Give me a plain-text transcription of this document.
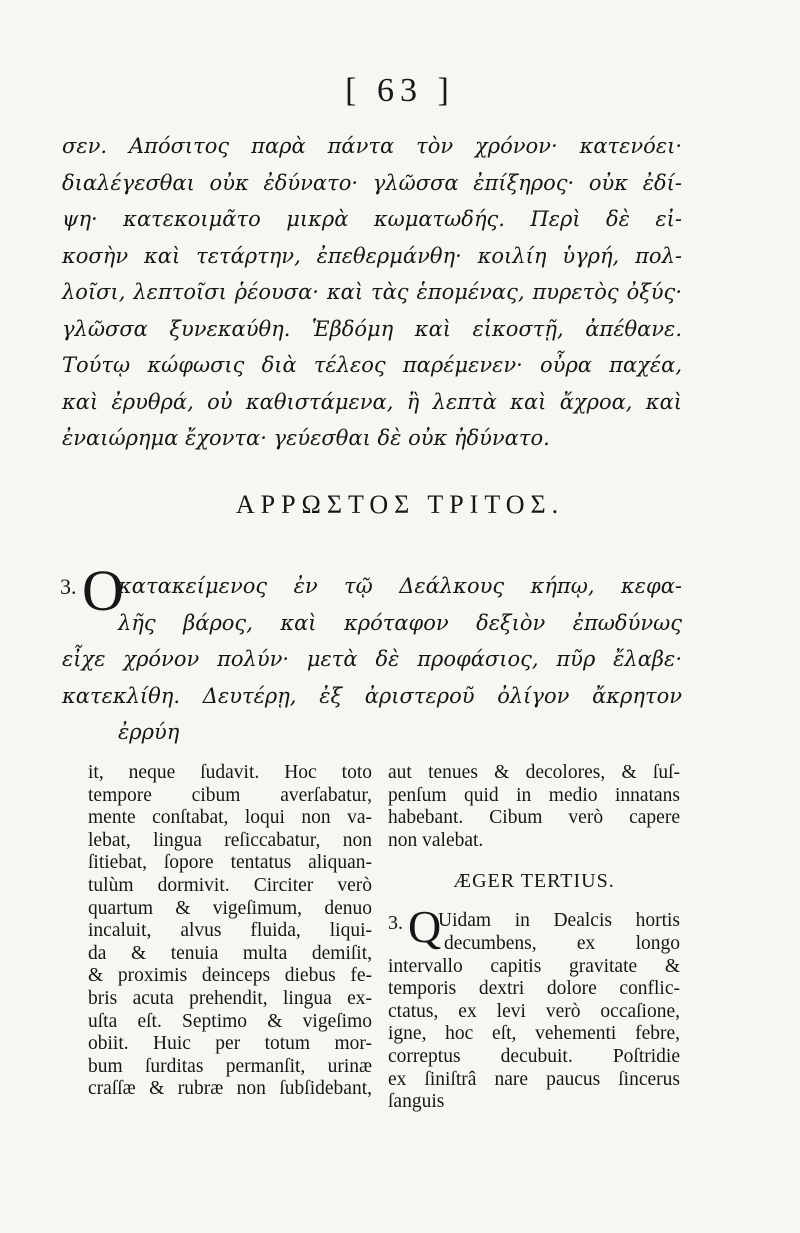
[ 63 ]
σεν. Απόσιτος παρὰ πάντα τὸν χρόνον· κατενόει·
διαλέγεσθαι οὐκ ἐδύνατο· γλῶσσα ἐπίξηρος· οὐκ ἐδί-
ψη· κατεκοιμᾶτο μικρὰ κωματωδής. Περὶ δὲ εἰ-
κοσὴν καὶ τετάρτην, ἐπεθερμάνθη· κοιλίη ὑγρή, πολ-
λοῖσι, λεπτοῖσι ῥέουσα· καὶ τὰς ἑπομένας, πυρετὸς ὀξύς·
γλῶσσα ξυνεκαύθη. Ἑβδόμη καὶ εἰκοστῇ, ἀπέθανε.
Τούτῳ κώφωσις διὰ τέλεος παρέμενεν· οὖρα παχέα,
καὶ ἐρυθρά, οὐ καθιστάμενα, ἢ λεπτὰ καὶ ἄχροα, καὶ
ἐναιώρημα ἔχοντα· γεύεσθαι δὲ οὐκ ἠδύνατο.
ΑΡΡΩΣΤΟΣ ΤΡΙΤΟΣ.
3. Ο
κατακείμενος ἐν τῷ Δεάλκους κήπῳ, κεφα-
λῆς βάρος, καὶ κρόταφον δεξιὸν ἐπωδύνως
εἶχε χρόνον πολύν· μετὰ δὲ προφάσιος, πῦρ ἔλαβε·
κατεκλίθη. Δευτέρῃ, ἐξ ἀριστεροῦ ὀλίγον ἄκρητον
ἐρρύη
it, neque ſudavit. Hoc toto
tempore cibum averſabatur,
mente conſtabat, loqui non va-
lebat, lingua reſiccabatur, non
ſitiebat, ſopore tentatus aliquan-
tulùm dormivit. Circiter verò
quartum & vigeſimum, denuo
incaluit, alvus fluida, liqui-
da & tenuia multa demiſit,
& proximis deinceps diebus fe-
bris acuta prehendit, lingua ex-
uſta eſt. Septimo & vigeſimo
obiit. Huic per totum mor-
bum ſurditas permanſit, urinæ
craſſæ & rubræ non ſubſidebant,
aut tenues & decolores, & ſuſ-
penſum quid in medio innatans
habebant. Cibum verò capere
non valebat.
ÆGER TERTIUS.
3. Q
Uidam in Dealcis hortis
decumbens, ex longo
intervallo capitis gravitate &
temporis dextri dolore conflic-
ctatus, ex levi verò occaſione,
igne, hoc eſt, vehementi febre,
correptus decubuit. Poſtridie
ex ſiniſtrâ nare paucus ſincerus
ſanguis
